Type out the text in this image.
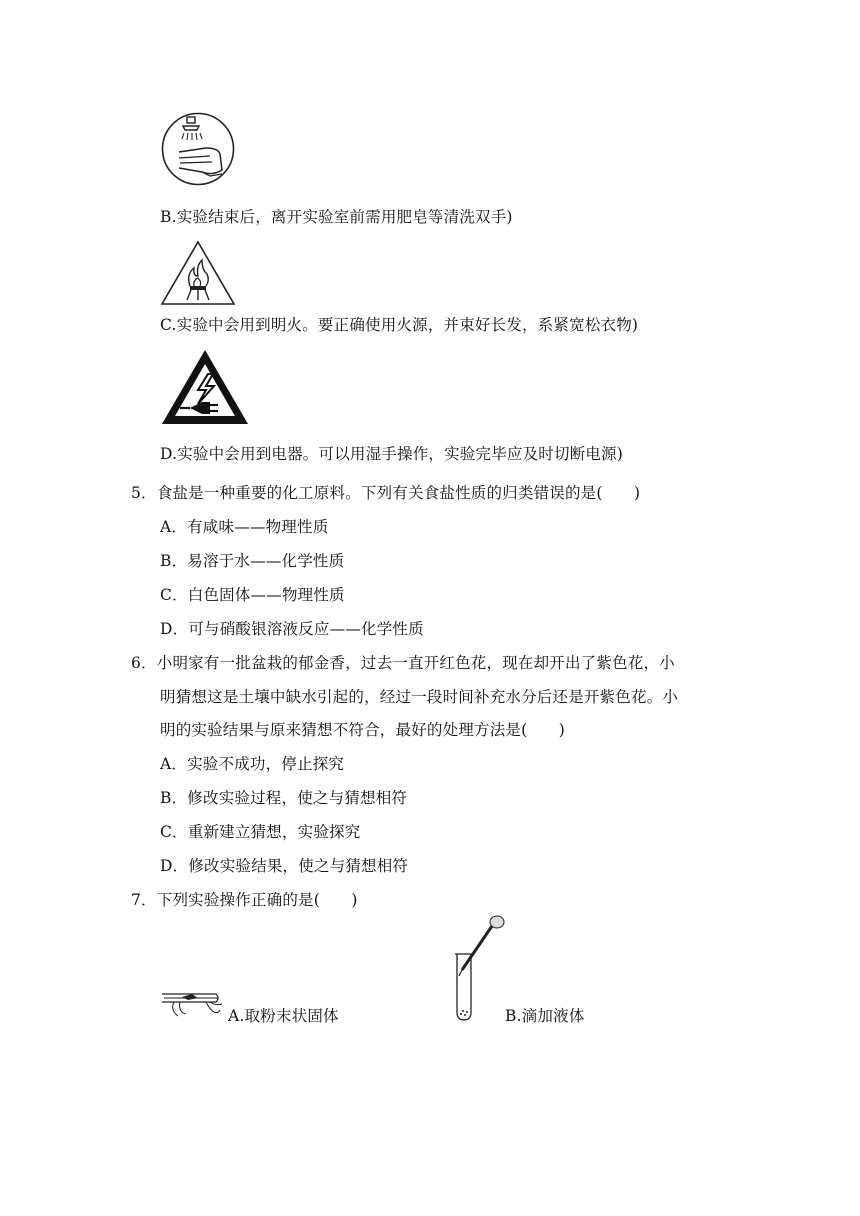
B.实验结束后，离开实验室前需用肥皂等清洗双手)
C.实验中会用到明火。要正确使用火源，并束好长发，系紧宽松衣物)
D.实验中会用到电器。可以用湿手操作，实验完毕应及时切断电源)
5．食盐是一种重要的化工原料。下列有关食盐性质的归类错误的是(　　)
A．有咸味——物理性质
B．易溶于水——化学性质
C．白色固体——物理性质
D．可与硝酸银溶液反应——化学性质
6．小明家有一批盆栽的郁金香，过去一直开红色花，现在却开出了紫色花，小
明猜想这是土壤中缺水引起的，经过一段时间补充水分后还是开紫色花。小
明的实验结果与原来猜想不符合，最好的处理方法是(　　)
A．实验不成功，停止探究
B．修改实验过程，使之与猜想相符
C．重新建立猜想，实验探究
D．修改实验结果，使之与猜想相符
7．下列实验操作正确的是(　　)
A.取粉末状固体	B.滴加液体
